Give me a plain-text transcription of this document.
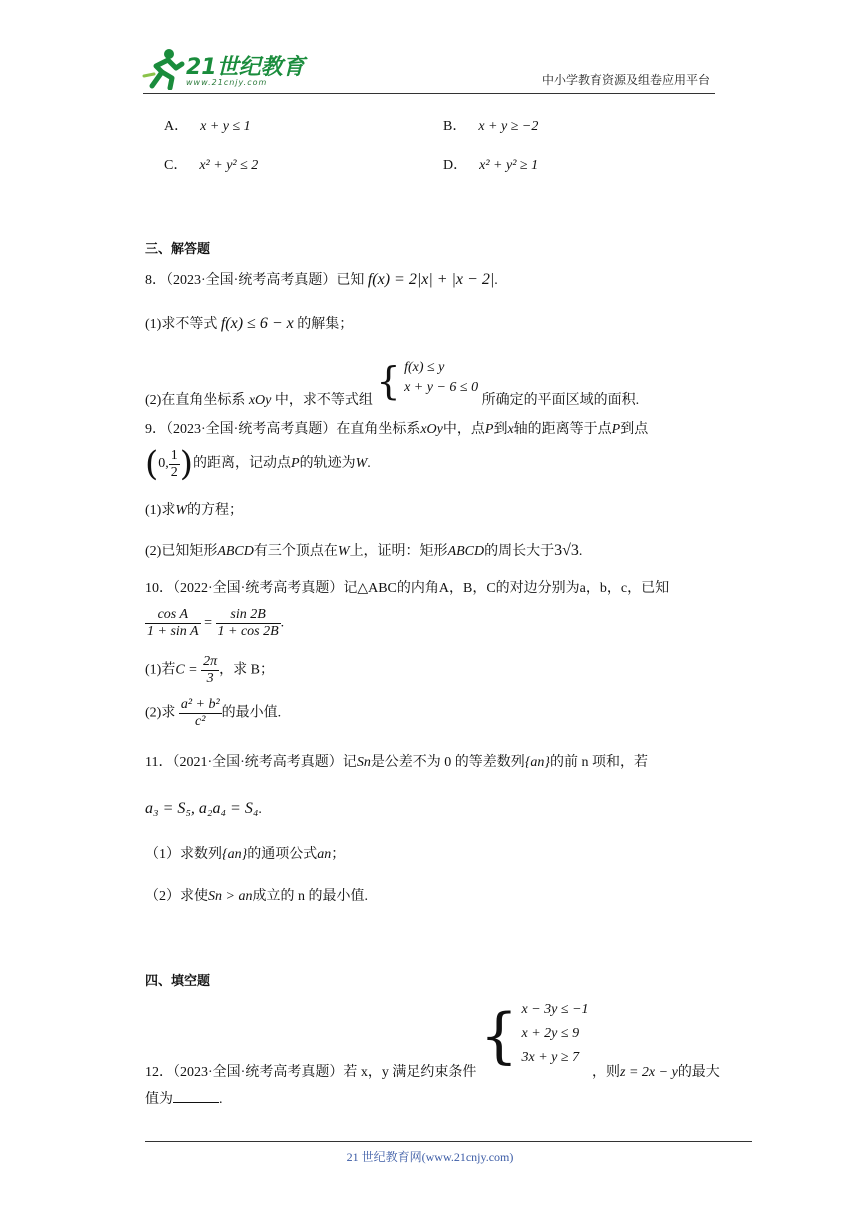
21世纪教育
www.21cnjy.com	中小学教育资源及组卷应用平台
A． x + y ≤ 1	B． x + y ≥ −2
C． x² + y² ≤ 2	D． x² + y² ≥ 1
三、解答题
8．（2023·全国·统考高考真题）已知 f(x) = 2|x| + |x − 2|.
(1)求不等式 f(x) ≤ 6 − x 的解集；
(2)在直角坐标系 xOy 中，求不等式组 { f(x) ≤ y
x + y − 6 ≤ 0
所确定的平面区域的面积.
9．（2023·全国·统考高考真题）在直角坐标系xOy中，点P到x轴的距离等于点P到点
(0, $\frac{1}{2}$ )的距离，记动点P的轨迹为W.
(1)求W的方程；
(2)已知矩形ABCD有三个顶点在W上，证明：矩形ABCD的周长大于3√3.
10．（2022·全国·统考高考真题）记△ABC的内角A，B，C的对边分别为a，b，c，已知
$\frac{\text{cos A}}{\text{1 + sin A}} = \frac{\sin 2B}{1 + \cos 2B}$ .
(1)若$C = \frac{2\pi}{3}$ ，求 B；
(2)求 $\frac{\text{a² + b²}}{\text{c²}}$ 的最小值.
11．（2021·全国·统考高考真题）记Sn是公差不为 0 的等差数列{an}的前 n 项和，若
a₃ = S₅, a₂a₄ = S₄.
（1）求数列{an}的通项公式an；
（2）求使Sn > an成立的 n 的最小值.
四、填空题
12．（2023·全国·统考高考真题）若 x，y 满足约束条件 { x − 3y ≤ −1
x + 2y ≤ 9
3x + y ≥ 7
，则z = 2x − y的最大
值为	.
21 世纪教育网(www.21cnjy.com)
